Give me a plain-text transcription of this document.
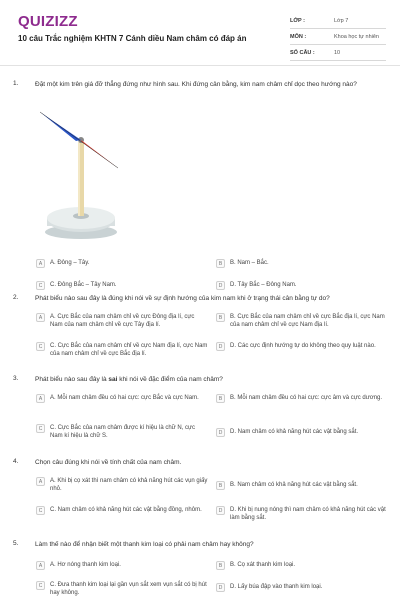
QUIZIZZ
10 câu Trắc nghiệm KHTN 7 Cánh diều Nam châm có đáp án
LỚP :	Lớp 7
MÔN :	Khoa học tự nhiên
SỐ CÂU :	10
1.	Đặt một kim trên giá đỡ thẳng đứng như hình sau. Khi đứng cân bằng, kim nam châm chỉ dọc theo hướng nào?
A	A. Đông – Tây.	B	B. Nam – Bắc.
C	C. Đông Bắc – Tây Nam.	D	D. Tây Bắc – Đông Nam.
2.	Phát biểu nào sau đây là đúng khi nói về sự định hướng của kim nam khi ở trạng thái cân bằng tự do?
A	A. Cực Bắc của nam châm chỉ về cực Đông địa lí, cực Nam của nam châm chỉ về cực Tây địa lí.
B	B. Cực Bắc của nam châm chỉ về cực Bắc địa lí, cực Nam của nam châm chỉ về cực Nam địa lí.
C	C. Cực Bắc của nam châm chỉ về cực Nam địa lí, cực Nam của nam châm chỉ về cực Bắc địa lí.
D	D. Các cực định hướng tự do không theo quy luật nào.
3.	Phát biểu nào sau đây là sai khi nói về đặc điểm của nam châm?
A	A. Mỗi nam châm đều có hai cực: cực Bắc và cực Nam.	B	B. Mỗi nam châm đều có hai cực: cực âm và cực dương.
C	C. Cực Bắc của nam châm được kí hiệu là chữ N, cực Nam kí hiệu là chữ S.	D	D. Nam châm có khả năng hút các vật bằng sắt.
4.	Chọn câu đúng khi nói về tính chất của nam châm.
A	A. Khi bị cọ xát thì nam châm có khả năng hút các vụn giấy nhỏ.	B	B. Nam châm có khả năng hút các vật bằng sắt.
C	C. Nam châm có khả năng hút các vật bằng đồng, nhôm.	D	D. Khi bị nung nóng thì nam châm có khả năng hút các vật làm bằng sắt.
5.	Làm thế nào để nhận biết một thanh kim loại có phải nam châm hay không?
A	A. Hơ nóng thanh kim loại.	B	B. Cọ xát thanh kim loại.
C	C. Đưa thanh kim loại lại gần vụn sắt xem vụn sắt có bị hút hay không.
D	D. Lấy búa đập vào thanh kim loại.
